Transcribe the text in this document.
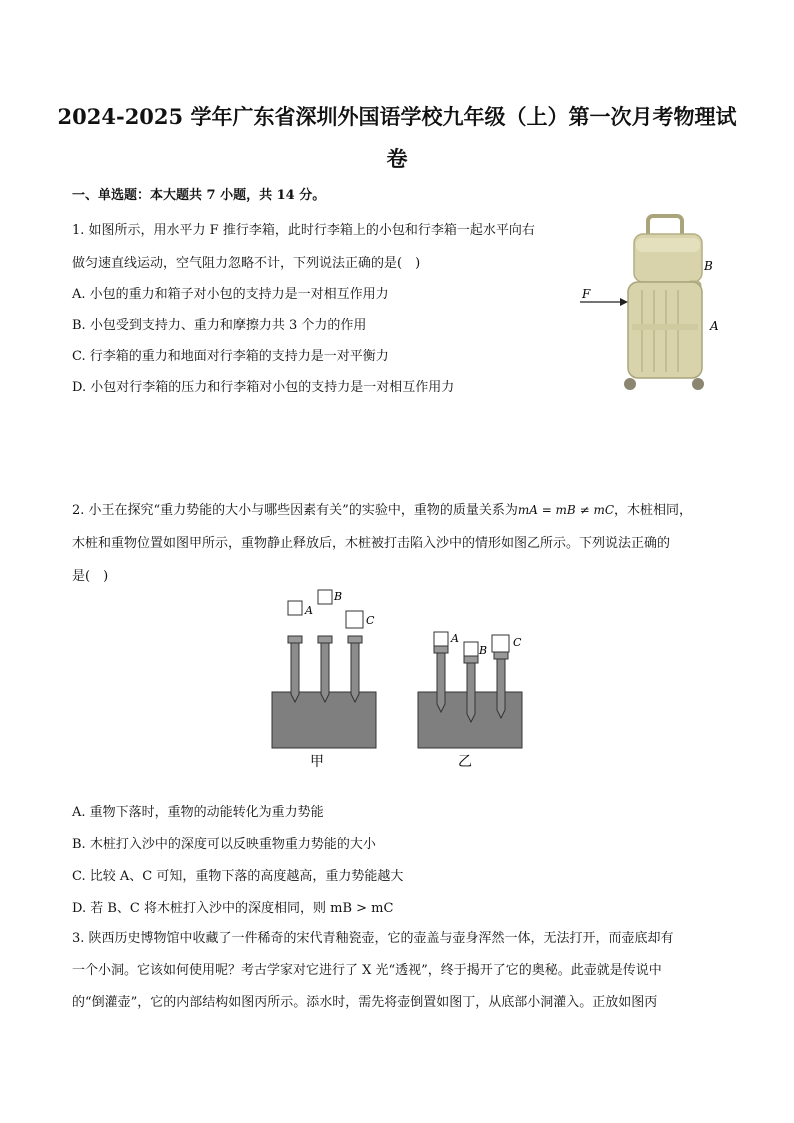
2024-2025 学年广东省深圳外国语学校九年级（上）第一次月考物理试
卷
一、单选题：本大题共 7 小题，共 14 分。
1. 如图所示，用水平力 F 推行李箱，此时行李箱上的小包和行李箱一起水平向右
做匀速直线运动，空气阻力忽略不计，下列说法正确的是(　)
A. 小包的重力和箱子对小包的支持力是一对相互作用力
B. 小包受到支持力、重力和摩擦力共 3 个力的作用
C. 行李箱的重力和地面对行李箱的支持力是一对平衡力
D. 小包对行李箱的压力和行李箱对小包的支持力是一对相互作用力
F
B
A
2. 小王在探究“重力势能的大小与哪些因素有关”的实验中，重物的质量关系为mA = mB ≠ mC，木桩相同，
木桩和重物位置如图甲所示，重物静止释放后，木桩被打击陷入沙中的情形如图乙所示。下列说法正确的
是(　)
A
B
C
甲
A
B
C
乙
A. 重物下落时，重物的动能转化为重力势能
B. 木桩打入沙中的深度可以反映重物重力势能的大小
C. 比较 A、C 可知，重物下落的高度越高，重力势能越大
D. 若 B、C 将木桩打入沙中的深度相同，则 mB > mC
3. 陕西历史博物馆中收藏了一件稀奇的宋代青釉瓷壶，它的壶盖与壶身浑然一体，无法打开，而壶底却有
一个小洞。它该如何使用呢？考古学家对它进行了 X 光“透视”，终于揭开了它的奥秘。此壶就是传说中
的“倒灌壶”，它的内部结构如图丙所示。添水时，需先将壶倒置如图丁，从底部小洞灌入。正放如图丙
